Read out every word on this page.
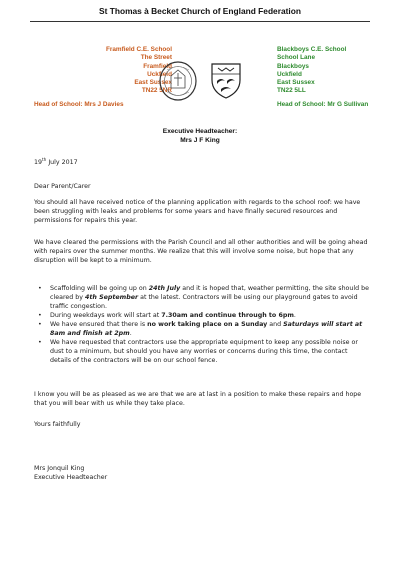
St Thomas à Becket Church of England Federation
Framfield C.E. School
The Street
Framfield
Uckfield
East Sussex
TN22 5NR
Head of School: Mrs J Davies
Blackboys C.E. School
School Lane
Blackboys
Uckfield
East Sussex
TN22 5LL
Head of School: Mr G Sullivan
Executive Headteacher:
Mrs J F King
19th July 2017
Dear Parent/Carer
You should all have received notice of the planning application with regards to the school roof: we have been struggling with leaks and problems for some years and have finally secured resources and permissions for repairs this year.
We have cleared the permissions with the Parish Council and all other authorities and will be going ahead with repairs over the summer months. We realize that this will involve some noise, but hope that any disruption will be kept to a minimum.
• Scaffolding will be going up on 24th July and it is hoped that, weather permitting, the site should be cleared by 4th September at the latest. Contractors will be using our playground gates to avoid traffic congestion.
• During weekdays work will start at 7.30am and continue through to 6pm.
• We have ensured that there is no work taking place on a Sunday and Saturdays will start at 8am and finish at 2pm.
• We have requested that contractors use the appropriate equipment to keep any possible noise or dust to a minimum, but should you have any worries or concerns during this time, the contact details of the contractors will be on our school fence.
I know you will be as pleased as we are that we are at last in a position to make these repairs and hope that you will bear with us while they take place.
Yours faithfully
Mrs Jonquil King
Executive Headteacher
